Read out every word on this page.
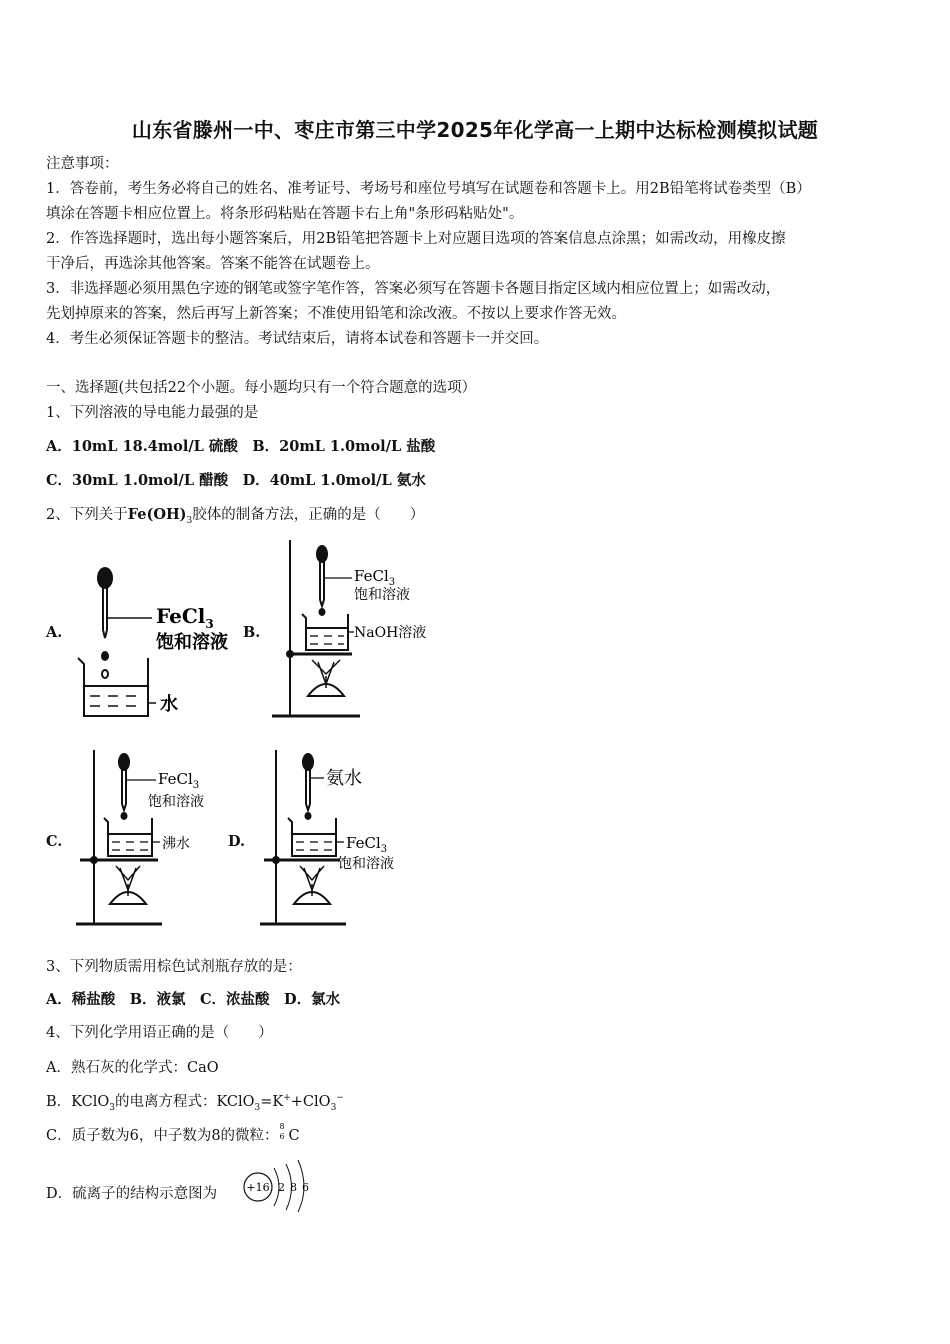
山东省滕州一中、枣庄市第三中学2025年化学高一上期中达标检测模拟试题
注意事项：
1．答卷前，考生务必将自己的姓名、准考证号、考场号和座位号填写在试题卷和答题卡上。用2B铅笔将试卷类型（B）
填涂在答题卡相应位置上。将条形码粘贴在答题卡右上角"条形码粘贴处"。
2．作答选择题时，选出每小题答案后，用2B铅笔把答题卡上对应题目选项的答案信息点涂黑；如需改动，用橡皮擦
干净后，再选涂其他答案。答案不能答在试题卷上。
3．非选择题必须用黑色字迹的钢笔或签字笔作答，答案必须写在答题卡各题目指定区域内相应位置上；如需改动，
先划掉原来的答案，然后再写上新答案；不准使用铅笔和涂改液。不按以上要求作答无效。
4．考生必须保证答题卡的整洁。考试结束后，请将本试卷和答题卡一并交回。
一、选择题(共包括22个小题。每小题均只有一个符合题意的选项）
1、下列溶液的导电能力最强的是
A．10mL 18.4mol/L 硫酸　B．20mL 1.0mol/L 盐酸
C．30mL 1.0mol/L 醋酸　D．40mL 1.0mol/L 氨水
2、下列关于$Fe(OH)_3$胶体的制备方法，正确的是（　　）
A.
FeCl$_3$
饱和溶液
水
B.
FeCl$_3$
饱和溶液
NaOH溶液
C.
FeCl$_3$
饱和溶液
沸水	D.
氨水
FeCl$_3$
饱和溶液
3、下列物质需用棕色试剂瓶存放的是：
A．稀盐酸　B．液氯　C．浓盐酸　D．氯水
4、下列化学用语正确的是（　　）
A．熟石灰的化学式：CaO
B．KClO$_3$的电离方程式：KClO$_3$=K++ClO$_3$−
C．质子数为6，中子数为8的微粒：
8
6 C
D．硫离子的结构示意图为	+16 2 8 6
